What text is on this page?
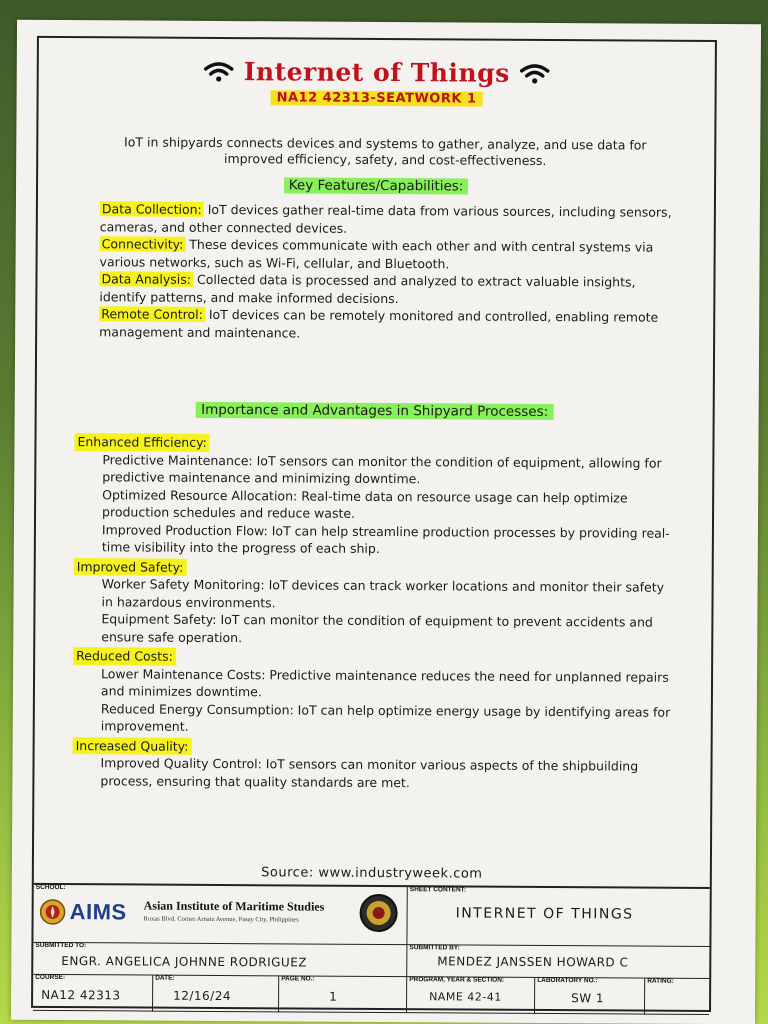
Internet of Things
NA12 42313-SEATWORK 1
IoT in shipyards connects devices and systems to gather, analyze, and use data for improved efficiency, safety, and cost-effectiveness.
Key Features/Capabilities:

Data Collection: IoT devices gather real-time data from various sources, including sensors, cameras, and other connected devices.

Connectivity: These devices communicate with each other and with central systems via various networks, such as Wi-Fi, cellular, and Bluetooth.

Data Analysis: Collected data is processed and analyzed to extract valuable insights, identify patterns, and make informed decisions.

Remote Control: IoT devices can be remotely monitored and controlled, enabling remote management and maintenance.

Importance and Advantages in Shipyard Processes:
Enhanced Efficiency:

Predictive Maintenance: IoT sensors can monitor the condition of equipment, allowing for predictive maintenance and minimizing downtime.

Optimized Resource Allocation: Real-time data on resource usage can help optimize production schedules and reduce waste.

Improved Production Flow: IoT can help streamline production processes by providing real-time visibility into the progress of each ship.

Improved Safety:

Worker Safety Monitoring: IoT devices can track worker locations and monitor their safety in hazardous environments.

Equipment Safety: IoT can monitor the condition of equipment to prevent accidents and ensure safe operation.

Reduced Costs:

Lower Maintenance Costs: Predictive maintenance reduces the need for unplanned repairs and minimizes downtime.

Reduced Energy Consumption: IoT can help optimize energy usage by identifying areas for improvement.

Increased Quality:

Improved Quality Control: IoT sensors can monitor various aspects of the shipbuilding process, ensuring that quality standards are met.

Source: www.industryweek.com
SCHOOL:
AIMS Asian Institute of Maritime Studies
Roxas Blvd. Corner Arnaiz Avenue, Pasay City, Philippines
SHEET CONTENT:
INTERNET OF THINGS
SUBMITTED TO:
ENGR. ANGELICA JOHNNE RODRIGUEZ
SUBMITTED BY:
MENDEZ JANSSEN HOWARD C
COURSE:
NA12 42313
DATE:
12/16/24
PAGE NO.:
1
PROGRAM, YEAR & SECTION:
NAME 42-41
LABORATORY NO.:
SW 1
RATING:
